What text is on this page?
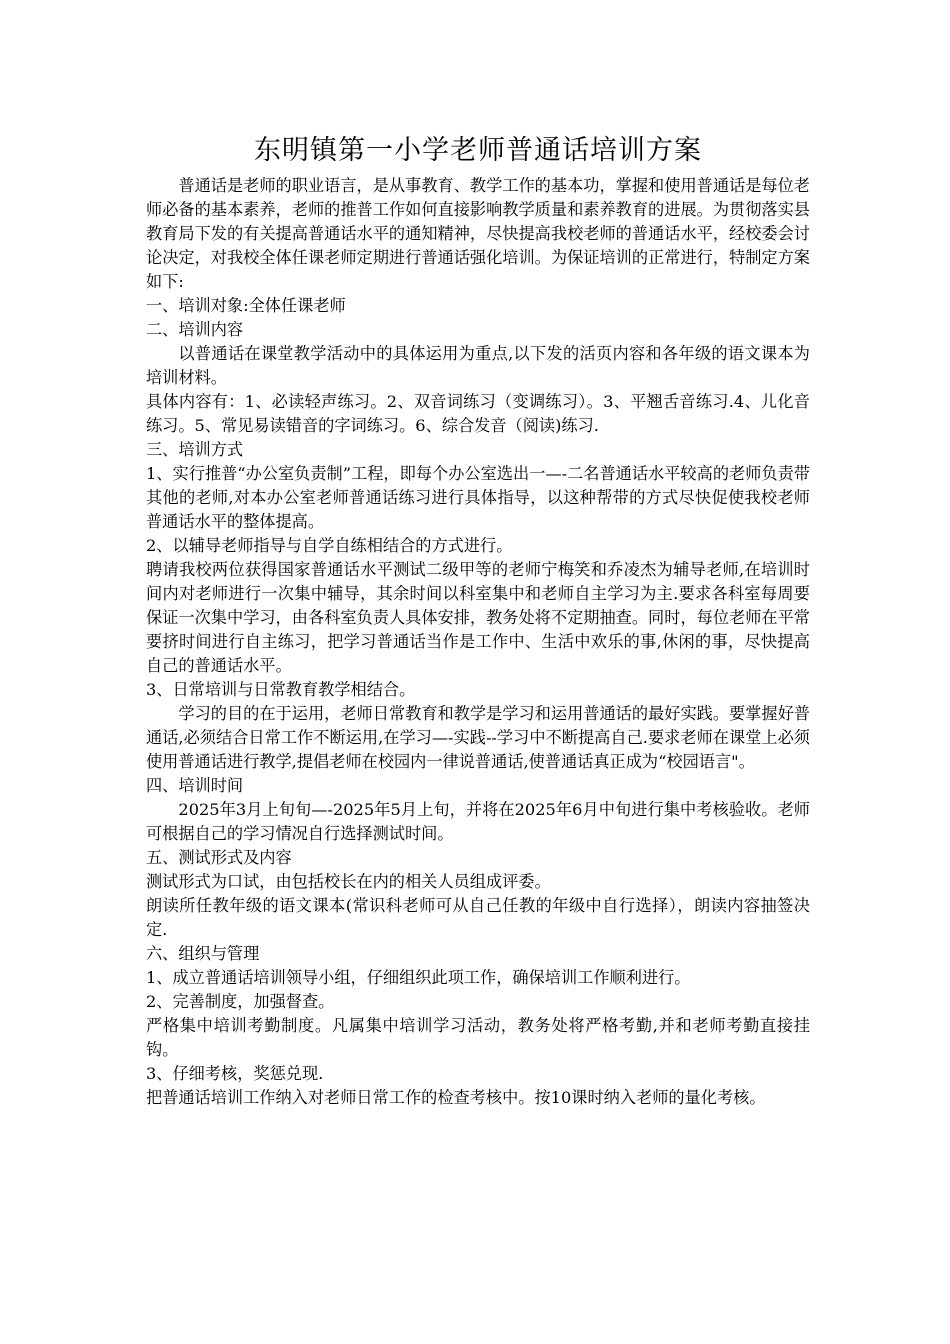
东明镇第一小学老师普通话培训方案

普通话是老师的职业语言，是从事教育、教学工作的基本功，掌握和使用普通话是每位老师必备的基本素养，老师的推普工作如何直接影响教学质量和素养教育的进展。为贯彻落实县教育局下发的有关提高普通话水平的通知精神，尽快提高我校老师的普通话水平，经校委会讨论决定，对我校全体任课老师定期进行普通话强化培训。为保证培训的正常进行，特制定方案如下:

一、培训对象:全体任课老师

二、培训内容

以普通话在课堂教学活动中的具体运用为重点,以下发的活页内容和各年级的语文课本为培训材料。

具体内容有：1、必读轻声练习。2、双音词练习（变调练习）。3、平翘舌音练习.4、儿化音练习。5、常见易读错音的字词练习。6、综合发音（阅读)练习.

三、培训方式

1、实行推普“办公室负责制”工程，即每个办公室选出一—-二名普通话水平较高的老师负责带其他的老师,对本办公室老师普通话练习进行具体指导，以这种帮带的方式尽快促使我校老师普通话水平的整体提高。

2、以辅导老师指导与自学自练相结合的方式进行。

聘请我校两位获得国家普通话水平测试二级甲等的老师宁梅笑和乔凌杰为辅导老师,在培训时间内对老师进行一次集中辅导，其余时间以科室集中和老师自主学习为主.要求各科室每周要保证一次集中学习，由各科室负责人具体安排，教务处将不定期抽查。同时，每位老师在平常要挤时间进行自主练习，把学习普通话当作是工作中、生活中欢乐的事,休闲的事，尽快提高自己的普通话水平。

3、日常培训与日常教育教学相结合。

学习的目的在于运用，老师日常教育和教学是学习和运用普通话的最好实践。要掌握好普通话,必须结合日常工作不断运用,在学习—-实践--学习中不断提高自己.要求老师在课堂上必须使用普通话进行教学,提倡老师在校园内一律说普通话,使普通话真正成为“校园语言"。

四、培训时间

2025年3月上旬旬—-2025年5月上旬，并将在2025年6月中旬进行集中考核验收。老师可根据自己的学习情况自行选择测试时间。

五、测试形式及内容

测试形式为口试，由包括校长在内的相关人员组成评委。

朗读所任教年级的语文课本(常识科老师可从自己任教的年级中自行选择），朗读内容抽签决定.

六、组织与管理

1、成立普通话培训领导小组，仔细组织此项工作，确保培训工作顺利进行。

2、完善制度，加强督查。

严格集中培训考勤制度。凡属集中培训学习活动，教务处将严格考勤,并和老师考勤直接挂钩。

3、仔细考核，奖惩兑现.

把普通话培训工作纳入对老师日常工作的检查考核中。按10课时纳入老师的量化考核。
